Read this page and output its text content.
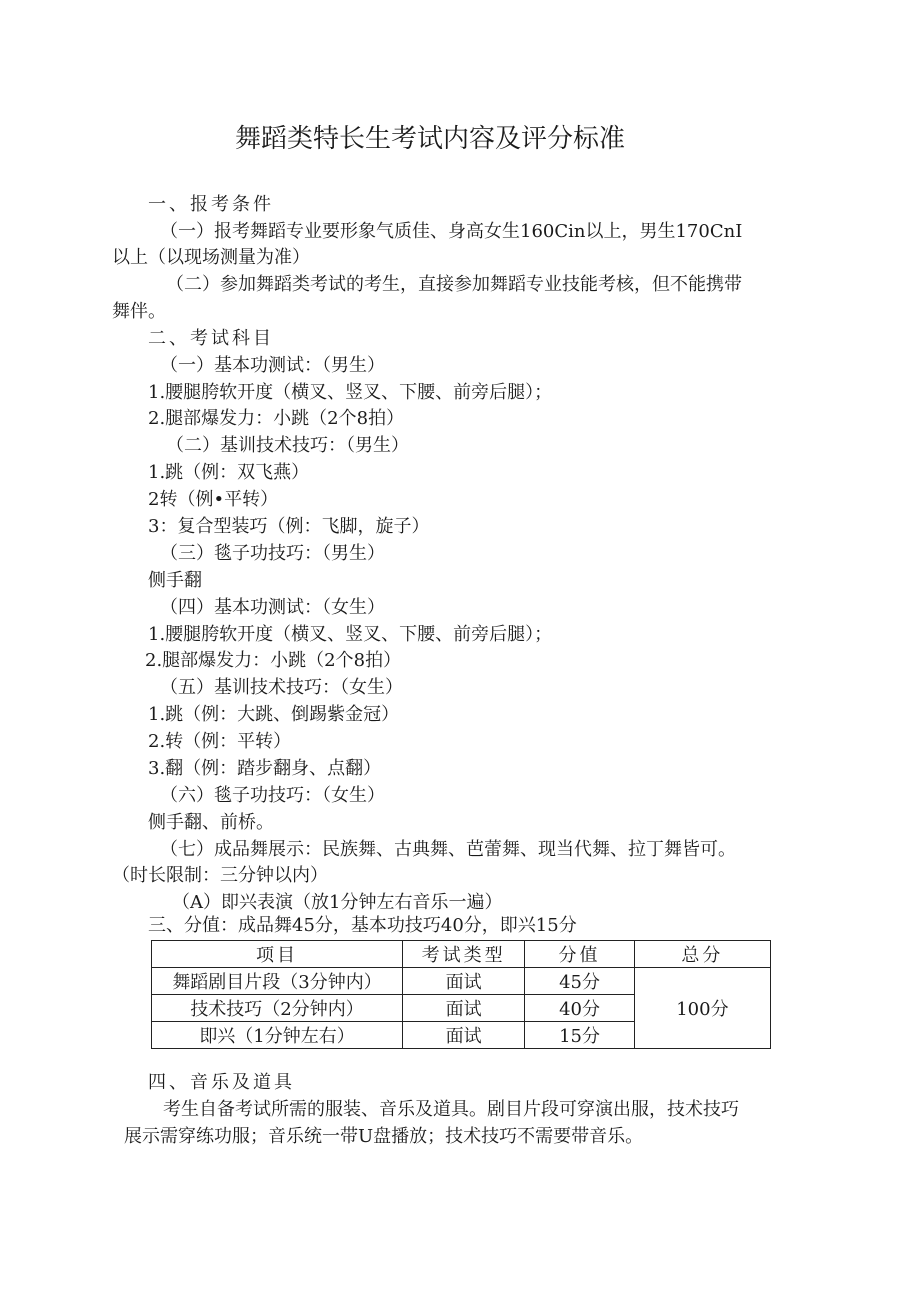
舞蹈类特长生考试内容及评分标准
一、报考条件
（一）报考舞蹈专业要形象气质佳、身高女生160Cin以上，男生170CnI
以上（以现场测量为准）
（二）参加舞蹈类考试的考生，直接参加舞蹈专业技能考核，但不能携带
舞伴。
二、考试科目
（一）基本功测试：（男生）
1.腰腿胯软开度（横叉、竖叉、下腰、前旁后腿）；
2.腿部爆发力：小跳（2个8拍）
（二）基训技术技巧：（男生）
1.跳（例：双飞燕）
2转（例•平转）
3：复合型装巧（例：飞脚，旋子）
（三）毯子功技巧：（男生）
侧手翻
（四）基本功测试：（女生）
1.腰腿胯软开度（横叉、竖叉、下腰、前旁后腿）；
2.腿部爆发力：小跳（2个8拍）
（五）基训技术技巧：（女生）
1.跳（例：大跳、倒踢紫金冠）
2.转（例：平转）
3.翻（例：踏步翻身、点翻）
（六）毯子功技巧：（女生）
侧手翻、前桥。
（七）成品舞展示：民族舞、古典舞、芭蕾舞、现当代舞、拉丁舞皆可。
（时长限制：三分钟以内）
（A）即兴表演（放1分钟左右音乐一遍）
三、分值：成品舞45分，基本功技巧40分，即兴15分
项目	考试类型	分值	总分
舞蹈剧目片段（3分钟内）	面试	45分	100分
技术技巧（2分钟内）	面试	40分	
即兴（1分钟左右）	面试	15分	
四、音乐及道具
考生自备考试所需的服装、音乐及道具。剧目片段可穿演出服，技术技巧
展示需穿练功服；音乐统一带U盘播放；技术技巧不需要带音乐。
